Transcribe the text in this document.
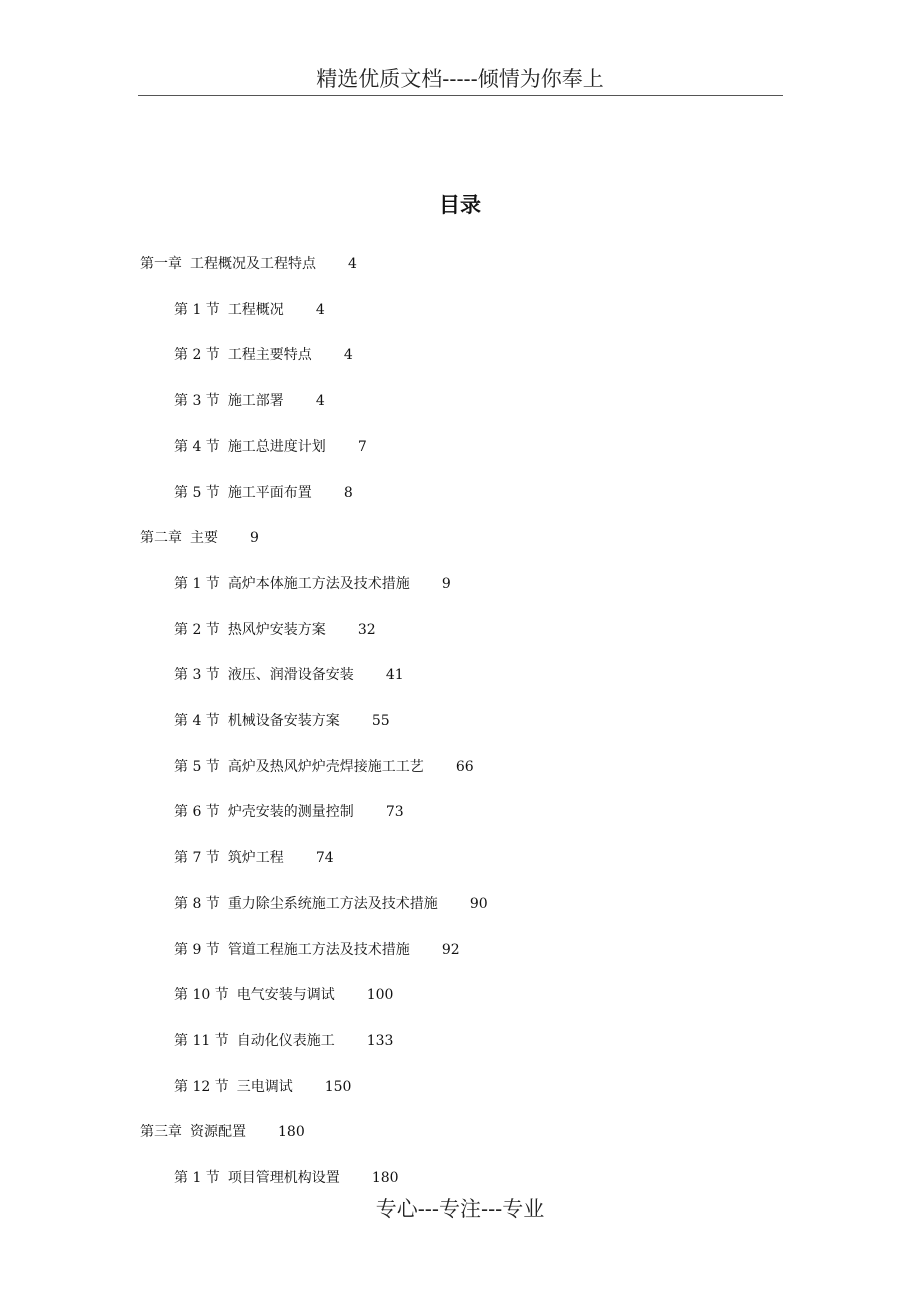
精选优质文档-----倾情为你奉上
目录
第一章 工程概况及工程特点 4
第 1 节 工程概况 4
第 2 节 工程主要特点 4
第 3 节 施工部署 4
第 4 节 施工总进度计划 7
第 5 节 施工平面布置 8
第二章 主要 9
第 1 节 高炉本体施工方法及技术措施 9
第 2 节 热风炉安装方案 32
第 3 节 液压、润滑设备安装 41
第 4 节 机械设备安装方案 55
第 5 节 高炉及热风炉炉壳焊接施工工艺 66
第 6 节 炉壳安装的测量控制 73
第 7 节 筑炉工程 74
第 8 节 重力除尘系统施工方法及技术措施 90
第 9 节 管道工程施工方法及技术措施 92
第 10 节 电气安装与调试 100
第 11 节 自动化仪表施工 133
第 12 节 三电调试 150
第三章 资源配置 180
第 1 节 项目管理机构设置 180
专心---专注---专业
